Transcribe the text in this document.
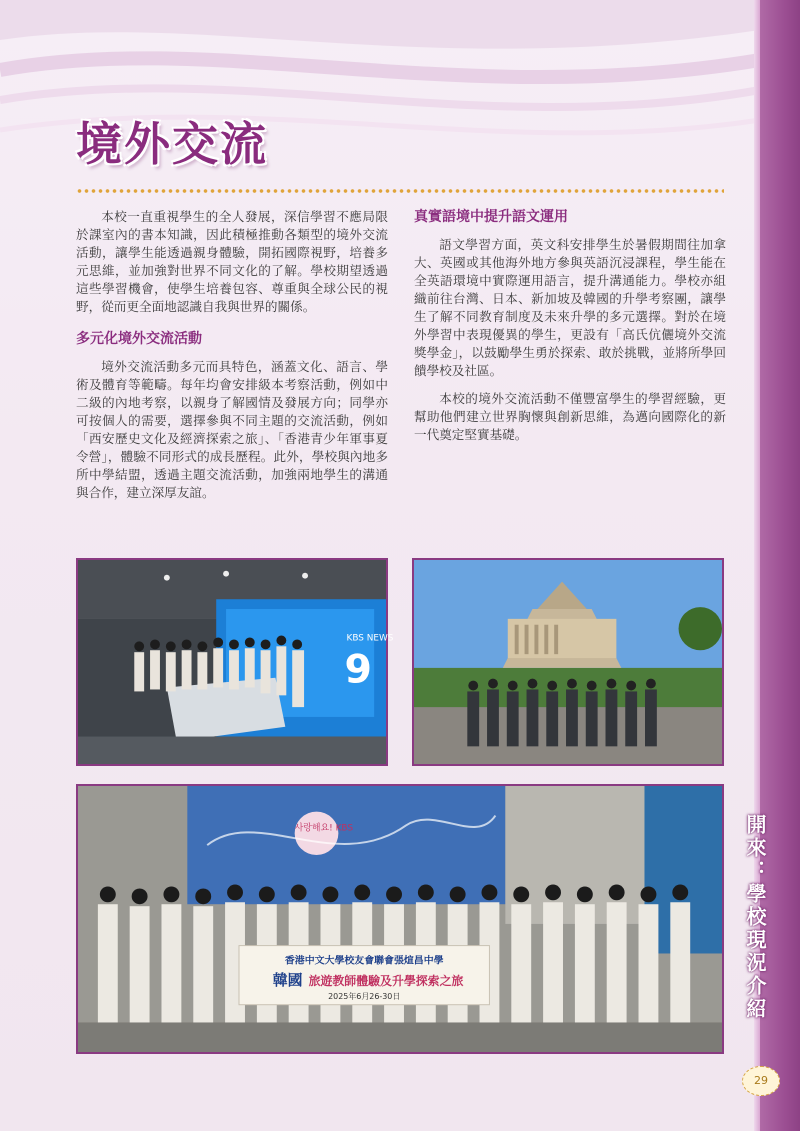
境外交流

本校一直重視學生的全人發展，深信學習不應局限於課室內的書本知識，因此積極推動各類型的境外交流活動，讓學生能透過親身體驗，開拓國際視野，培養多元思維，並加強對世界不同文化的了解。學校期望透過這些學習機會，使學生培養包容、尊重與全球公民的視野，從而更全面地認識自我與世界的關係。

多元化境外交流活動

境外交流活動多元而具特色，涵蓋文化、語言、學術及體育等範疇。每年均會安排級本考察活動，例如中二級的內地考察，以親身了解國情及發展方向；同學亦可按個人的需要，選擇參與不同主題的交流活動，例如「西安歷史文化及經濟探索之旅」、「香港青少年軍事夏令營」，體驗不同形式的成長歷程。此外，學校與內地多所中學結盟，透過主題交流活動，加強兩地學生的溝通與合作，建立深厚友誼。

真實語境中提升語文運用

語文學習方面，英文科安排學生於暑假期間往加拿大、英國或其他海外地方參與英語沉浸課程，學生能在全英語環境中實際運用語言，提升溝通能力。學校亦組織前往台灣、日本、新加坡及韓國的升學考察團，讓學生了解不同教育制度及未來升學的多元選擇。對於在境外學習中表現優異的學生，更設有「高氏伉儷境外交流獎學金」，以鼓勵學生勇於探索、敢於挑戰，並將所學回饋學校及社區。

本校的境外交流活動不僅豐富學生的學習經驗，更幫助他們建立世界胸懷與創新思維，為邁向國際化的新一代奠定堅實基礎。

KBS NEWS
9
사랑해요! KBS
香港中文大學校友會聯會張煊昌中學
韓國 旅遊教師體驗及升學探索之旅
2025年6月26-30日	開來：學校現況介紹
29
